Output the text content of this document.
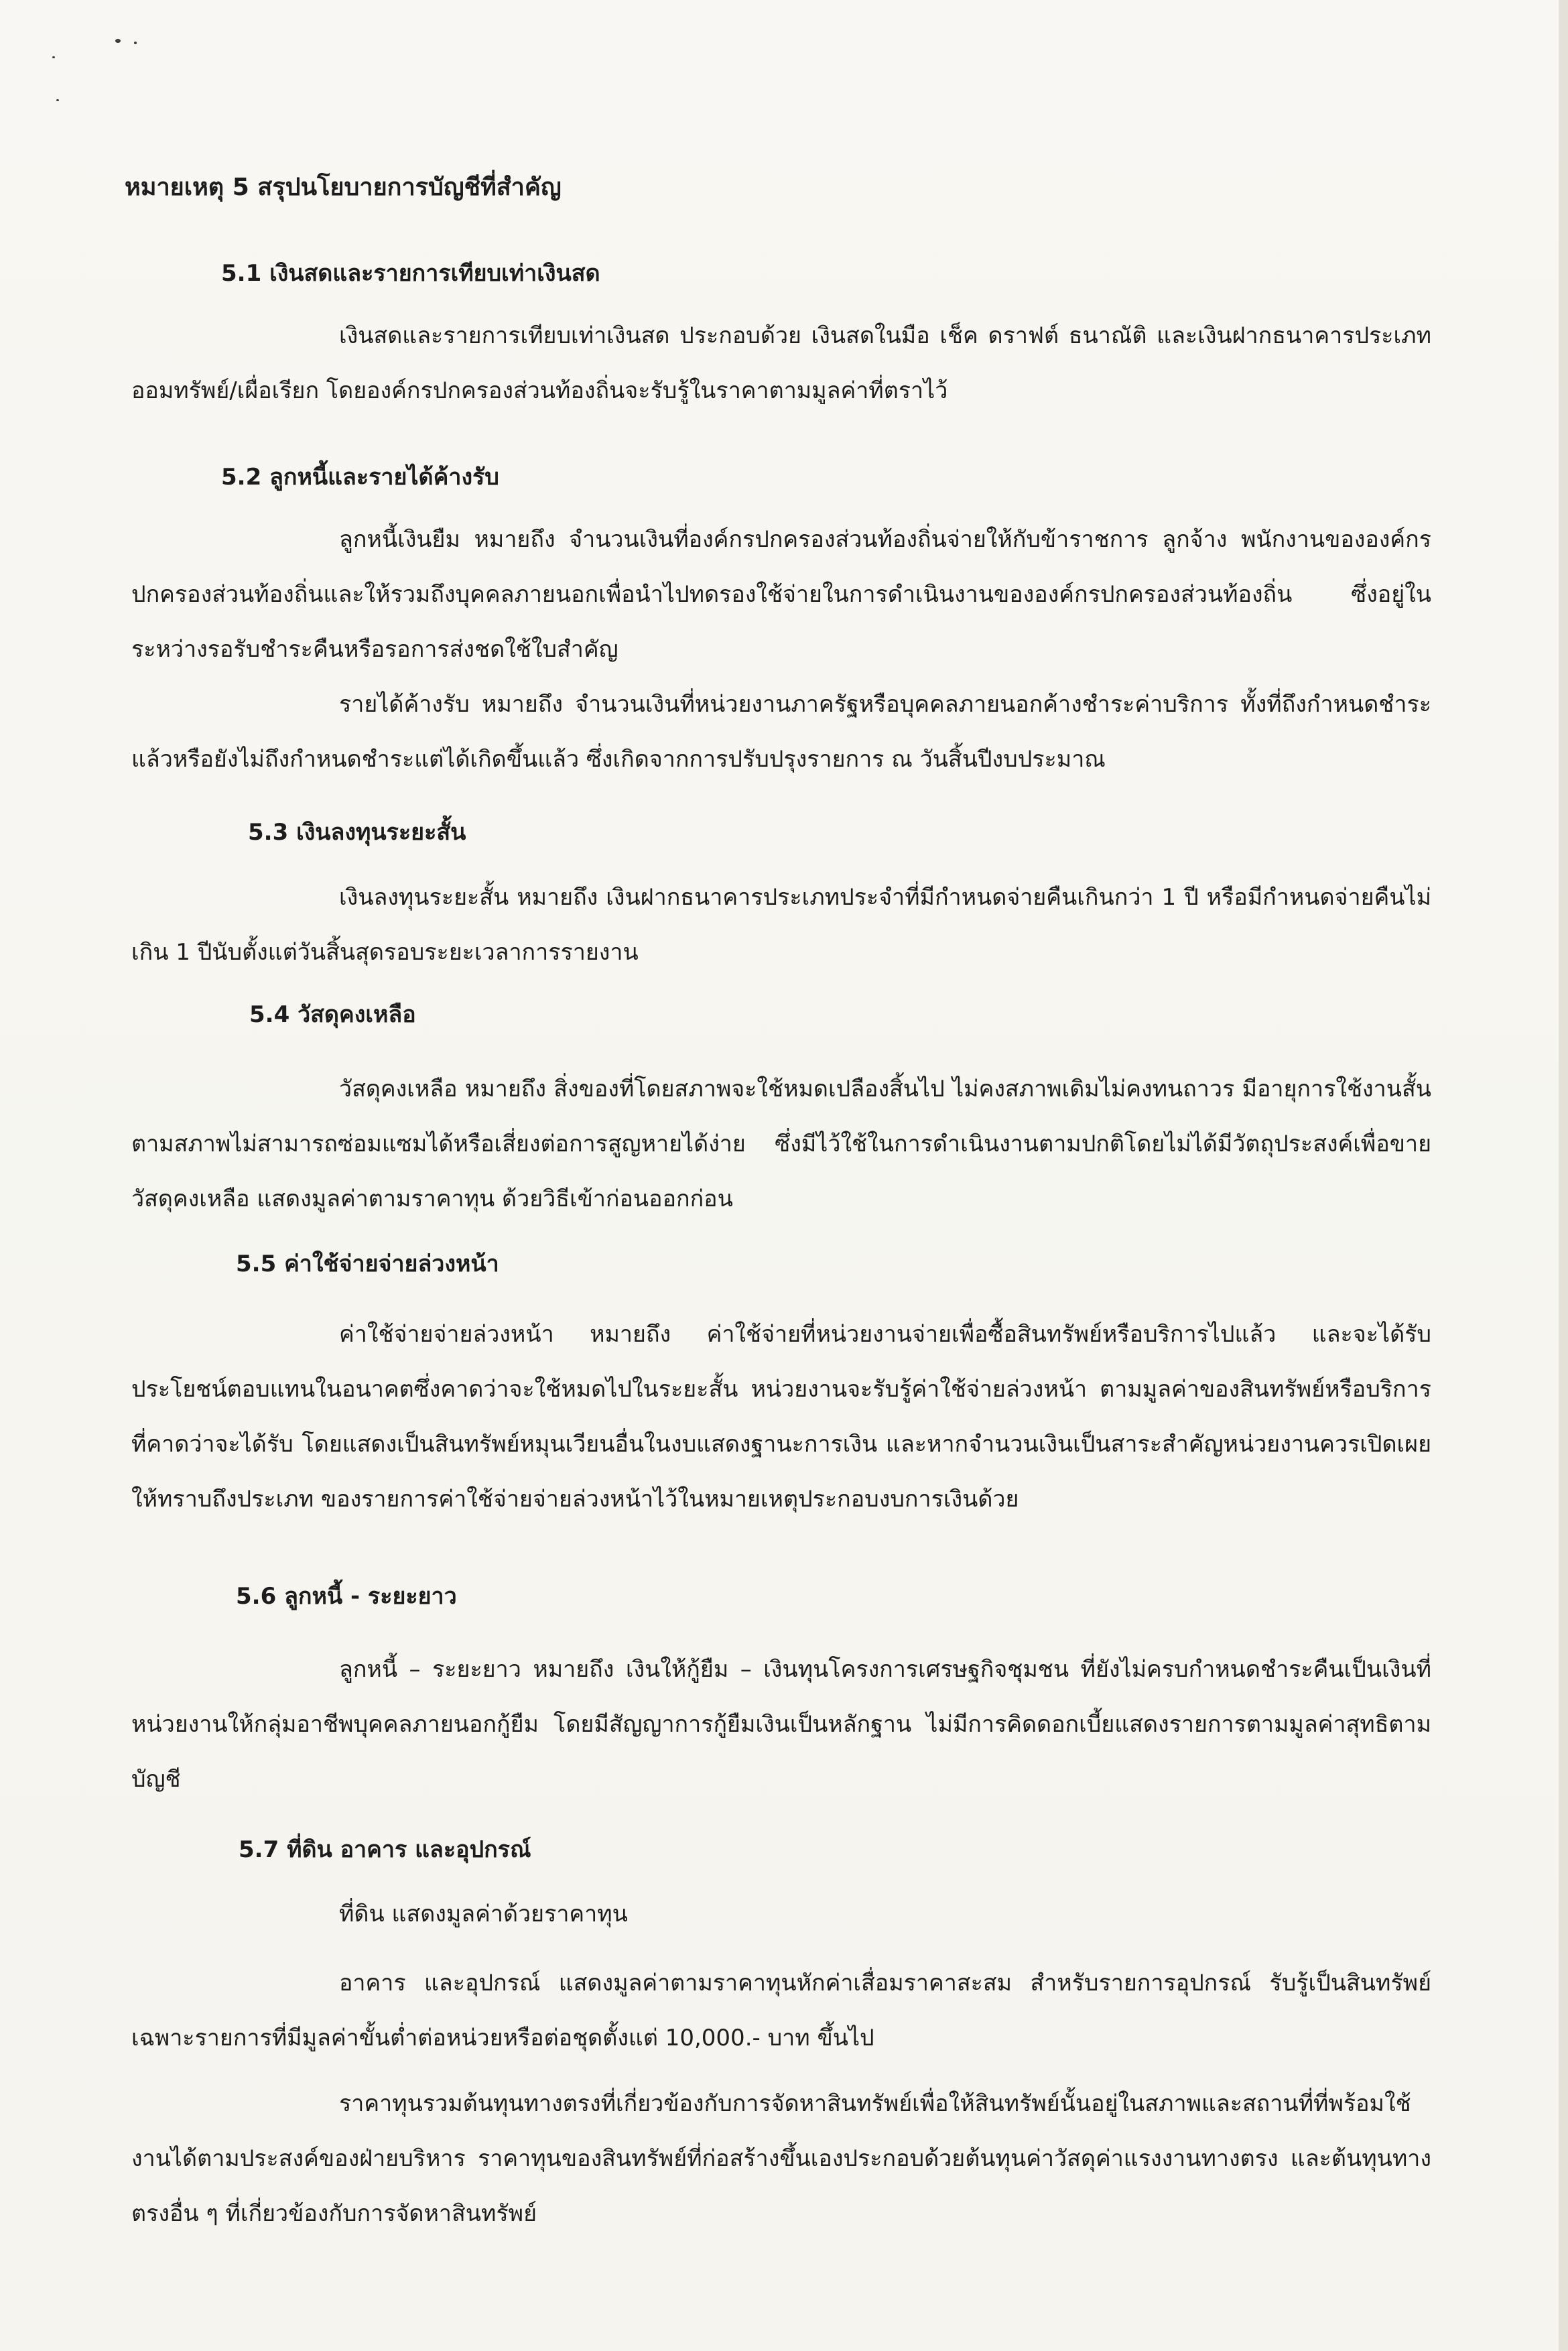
หมายเหตุ 5 สรุปนโยบายการบัญชีที่สำคัญ
5.1 เงินสดและรายการเทียบเท่าเงินสด
เงินสดและรายการเทียบเท่าเงินสด ประกอบด้วย เงินสดในมือ เช็ค ดราฟต์ ธนาณัติ และเงินฝากธนาคารประเภทออมทรัพย์/เผื่อเรียก โดยองค์กรปกครองส่วนท้องถิ่นจะรับรู้ในราคาตามมูลค่าที่ตราไว้
5.2 ลูกหนี้และรายได้ค้างรับ
ลูกหนี้เงินยืม หมายถึง จำนวนเงินที่องค์กรปกครองส่วนท้องถิ่นจ่ายให้กับข้าราชการ ลูกจ้าง พนักงานขององค์กรปกครองส่วนท้องถิ่นและให้รวมถึงบุคคลภายนอกเพื่อนำไปทดรองใช้จ่ายในการดำเนินงานขององค์กรปกครองส่วนท้องถิ่น ซึ่งอยู่ในระหว่างรอรับชำระคืนหรือรอการส่งชดใช้ใบสำคัญ
รายได้ค้างรับ หมายถึง จำนวนเงินที่หน่วยงานภาครัฐหรือบุคคลภายนอกค้างชำระค่าบริการ ทั้งที่ถึงกำหนดชำระแล้วหรือยังไม่ถึงกำหนดชำระแต่ได้เกิดขึ้นแล้ว ซึ่งเกิดจากการปรับปรุงรายการ ณ วันสิ้นปีงบประมาณ
5.3 เงินลงทุนระยะสั้น
เงินลงทุนระยะสั้น หมายถึง เงินฝากธนาคารประเภทประจำที่มีกำหนดจ่ายคืนเกินกว่า 1 ปี หรือมีกำหนดจ่ายคืนไม่เกิน 1 ปีนับตั้งแต่วันสิ้นสุดรอบระยะเวลาการรายงาน
5.4 วัสดุคงเหลือ
วัสดุคงเหลือ หมายถึง สิ่งของที่โดยสภาพจะใช้หมดเปลืองสิ้นไป ไม่คงสภาพเดิมไม่คงทนถาวร มีอายุการใช้งานสั้น ตามสภาพไม่สามารถซ่อมแซมได้หรือเสี่ยงต่อการสูญหายได้ง่าย ซึ่งมีไว้ใช้ในการดำเนินงานตามปกติโดยไม่ได้มีวัตถุประสงค์เพื่อขาย วัสดุคงเหลือ แสดงมูลค่าตามราคาทุน ด้วยวิธีเข้าก่อนออกก่อน
5.5 ค่าใช้จ่ายจ่ายล่วงหน้า
ค่าใช้จ่ายจ่ายล่วงหน้า หมายถึง ค่าใช้จ่ายที่หน่วยงานจ่ายเพื่อซื้อสินทรัพย์หรือบริการไปแล้ว และจะได้รับประโยชน์ตอบแทนในอนาคตซึ่งคาดว่าจะใช้หมดไปในระยะสั้น หน่วยงานจะรับรู้ค่าใช้จ่ายล่วงหน้า ตามมูลค่าของสินทรัพย์หรือบริการที่คาดว่าจะได้รับ โดยแสดงเป็นสินทรัพย์หมุนเวียนอื่นในงบแสดงฐานะการเงิน และหากจำนวนเงินเป็นสาระสำคัญหน่วยงานควรเปิดเผยให้ทราบถึงประเภท ของรายการค่าใช้จ่ายจ่ายล่วงหน้าไว้ในหมายเหตุประกอบงบการเงินด้วย
5.6 ลูกหนี้ - ระยะยาว
ลูกหนี้ – ระยะยาว หมายถึง เงินให้กู้ยืม – เงินทุนโครงการเศรษฐกิจชุมชน ที่ยังไม่ครบกำหนดชำระคืนเป็นเงินที่หน่วยงานให้กลุ่มอาชีพบุคคลภายนอกกู้ยืม โดยมีสัญญาการกู้ยืมเงินเป็นหลักฐาน ไม่มีการคิดดอกเบี้ยแสดงรายการตามมูลค่าสุทธิตามบัญชี
5.7 ที่ดิน อาคาร และอุปกรณ์
ที่ดิน แสดงมูลค่าด้วยราคาทุน
อาคาร และอุปกรณ์ แสดงมูลค่าตามราคาทุนหักค่าเสื่อมราคาสะสม สำหรับรายการอุปกรณ์ รับรู้เป็นสินทรัพย์เฉพาะรายการที่มีมูลค่าขั้นต่ำต่อหน่วยหรือต่อชุดตั้งแต่ 10,000.- บาท ขึ้นไป
ราคาทุนรวมต้นทุนทางตรงที่เกี่ยวข้องกับการจัดหาสินทรัพย์เพื่อให้สินทรัพย์นั้นอยู่ในสภาพและสถานที่ที่พร้อมใช้งานได้ตามประสงค์ของฝ่ายบริหาร ราคาทุนของสินทรัพย์ที่ก่อสร้างขึ้นเองประกอบด้วยต้นทุนค่าวัสดุค่าแรงงานทางตรง และต้นทุนทางตรงอื่น ๆ ที่เกี่ยวข้องกับการจัดหาสินทรัพย์
